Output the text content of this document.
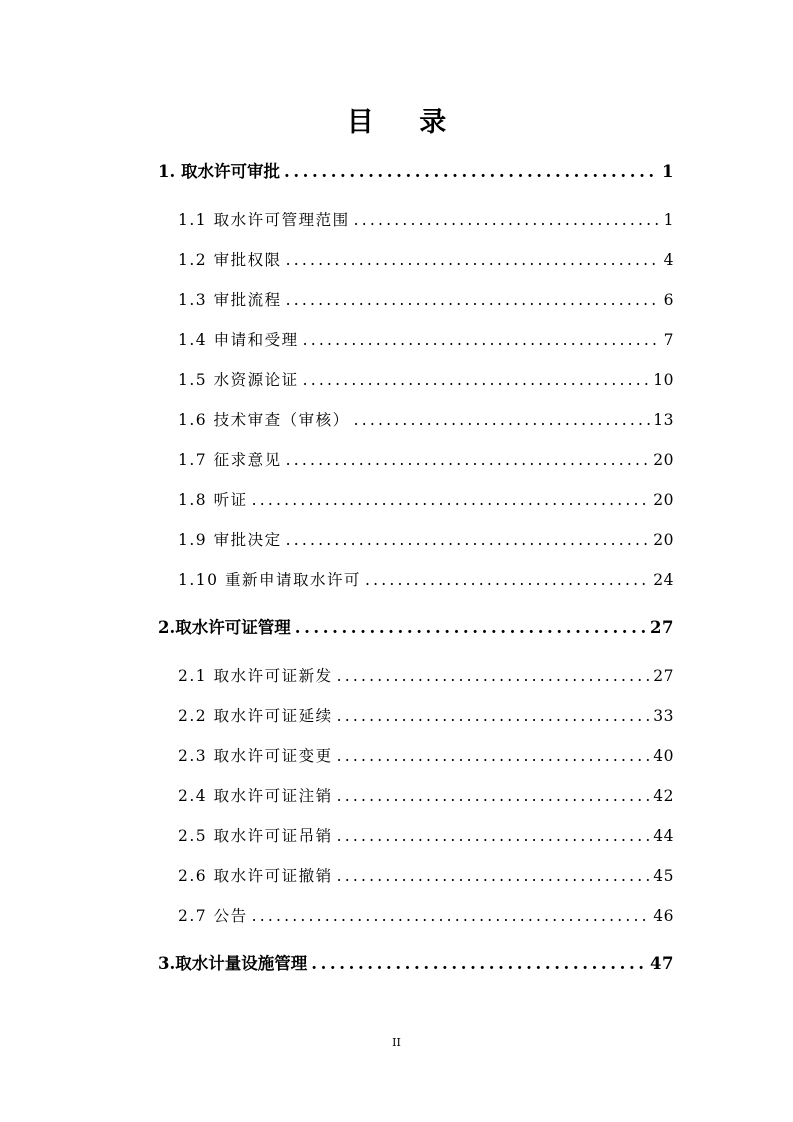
目 录
1. 取水许可审批 .....	1
1.1 取水许可管理范围 .....	1
1.2 审批权限 .....	4
1.3 审批流程 .....	6
1.4 申请和受理 .....	7
1.5 水资源论证 .....	10
1.6 技术审查（审核） .....	13
1.7 征求意见 .....	20
1.8 听证 .....	20
1.9 审批决定 .....	20
1.10 重新申请取水许可 .....	24
2.取水许可证管理 .....	27
2.1 取水许可证新发 .....	27
2.2 取水许可证延续 .....	33
2.3 取水许可证变更 .....	40
2.4 取水许可证注销 .....	42
2.5 取水许可证吊销 .....	44
2.6 取水许可证撤销 .....	45
2.7 公告 .....	46
3.取水计量设施管理 .....	47
II
